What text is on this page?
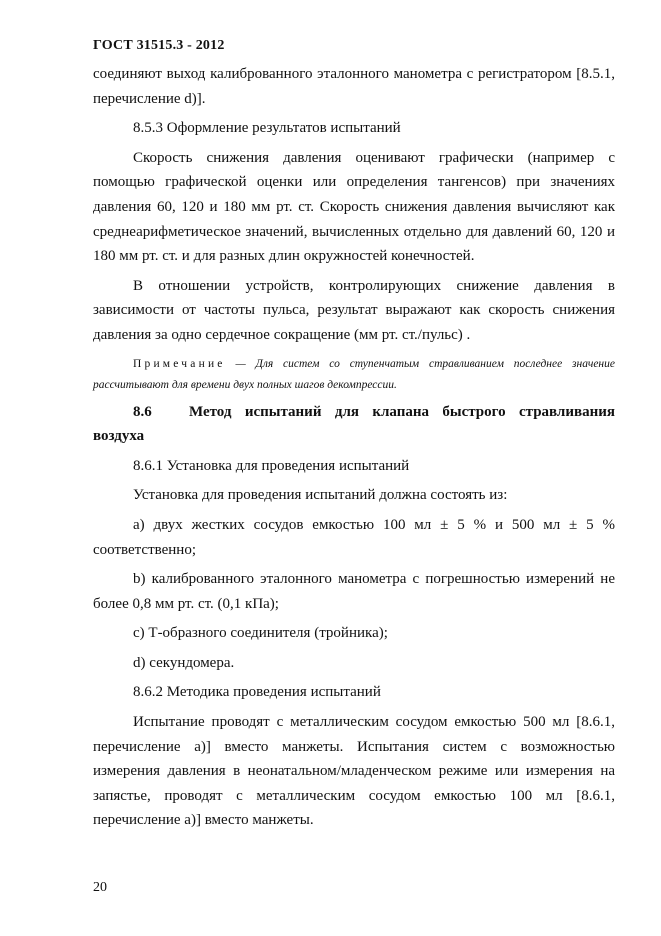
ГОСТ 31515.3 - 2012

соединяют выход калиброванного эталонного манометра с регистратором [8.5.1, перечисление d)].

8.5.3 Оформление результатов испытаний

Скорость снижения давления оценивают графически (например с помощью графической оценки или определения тангенсов) при значениях давления 60, 120 и 180 мм рт. ст. Скорость снижения давления вычисляют как среднеарифметическое значений, вычисленных отдельно для давлений 60, 120 и 180 мм рт. ст. и для разных длин окружностей конечностей.

В отношении устройств, контролирующих снижение давления в зависимости от частоты пульса, результат выражают как скорость снижения давления за одно сердечное сокращение (мм рт. ст./пульс) .

Примечание — Для систем со ступенчатым стравливанием последнее значение рассчитывают для времени двух полных шагов декомпрессии.

8.6 Метод испытаний для клапана быстрого стравливания воздуха

8.6.1 Установка для проведения испытаний

Установка для проведения испытаний должна состоять из:

а) двух жестких сосудов емкостью 100 мл ± 5 % и 500 мл ± 5 % соответственно;

b) калиброванного эталонного манометра с погрешностью измерений не более 0,8 мм рт. ст. (0,1 кПа);

с) Т-образного соединителя (тройника);

d) секундомера.

8.6.2 Методика проведения испытаний

Испытание проводят с металлическим сосудом емкостью 500 мл [8.6.1, перечисление а)] вместо манжеты. Испытания систем с возможностью измерения давления в неонатальном/младенческом режиме или измерения на запястье, проводят с металлическим сосудом емкостью 100 мл [8.6.1, перечисление а)] вместо манжеты.

20
